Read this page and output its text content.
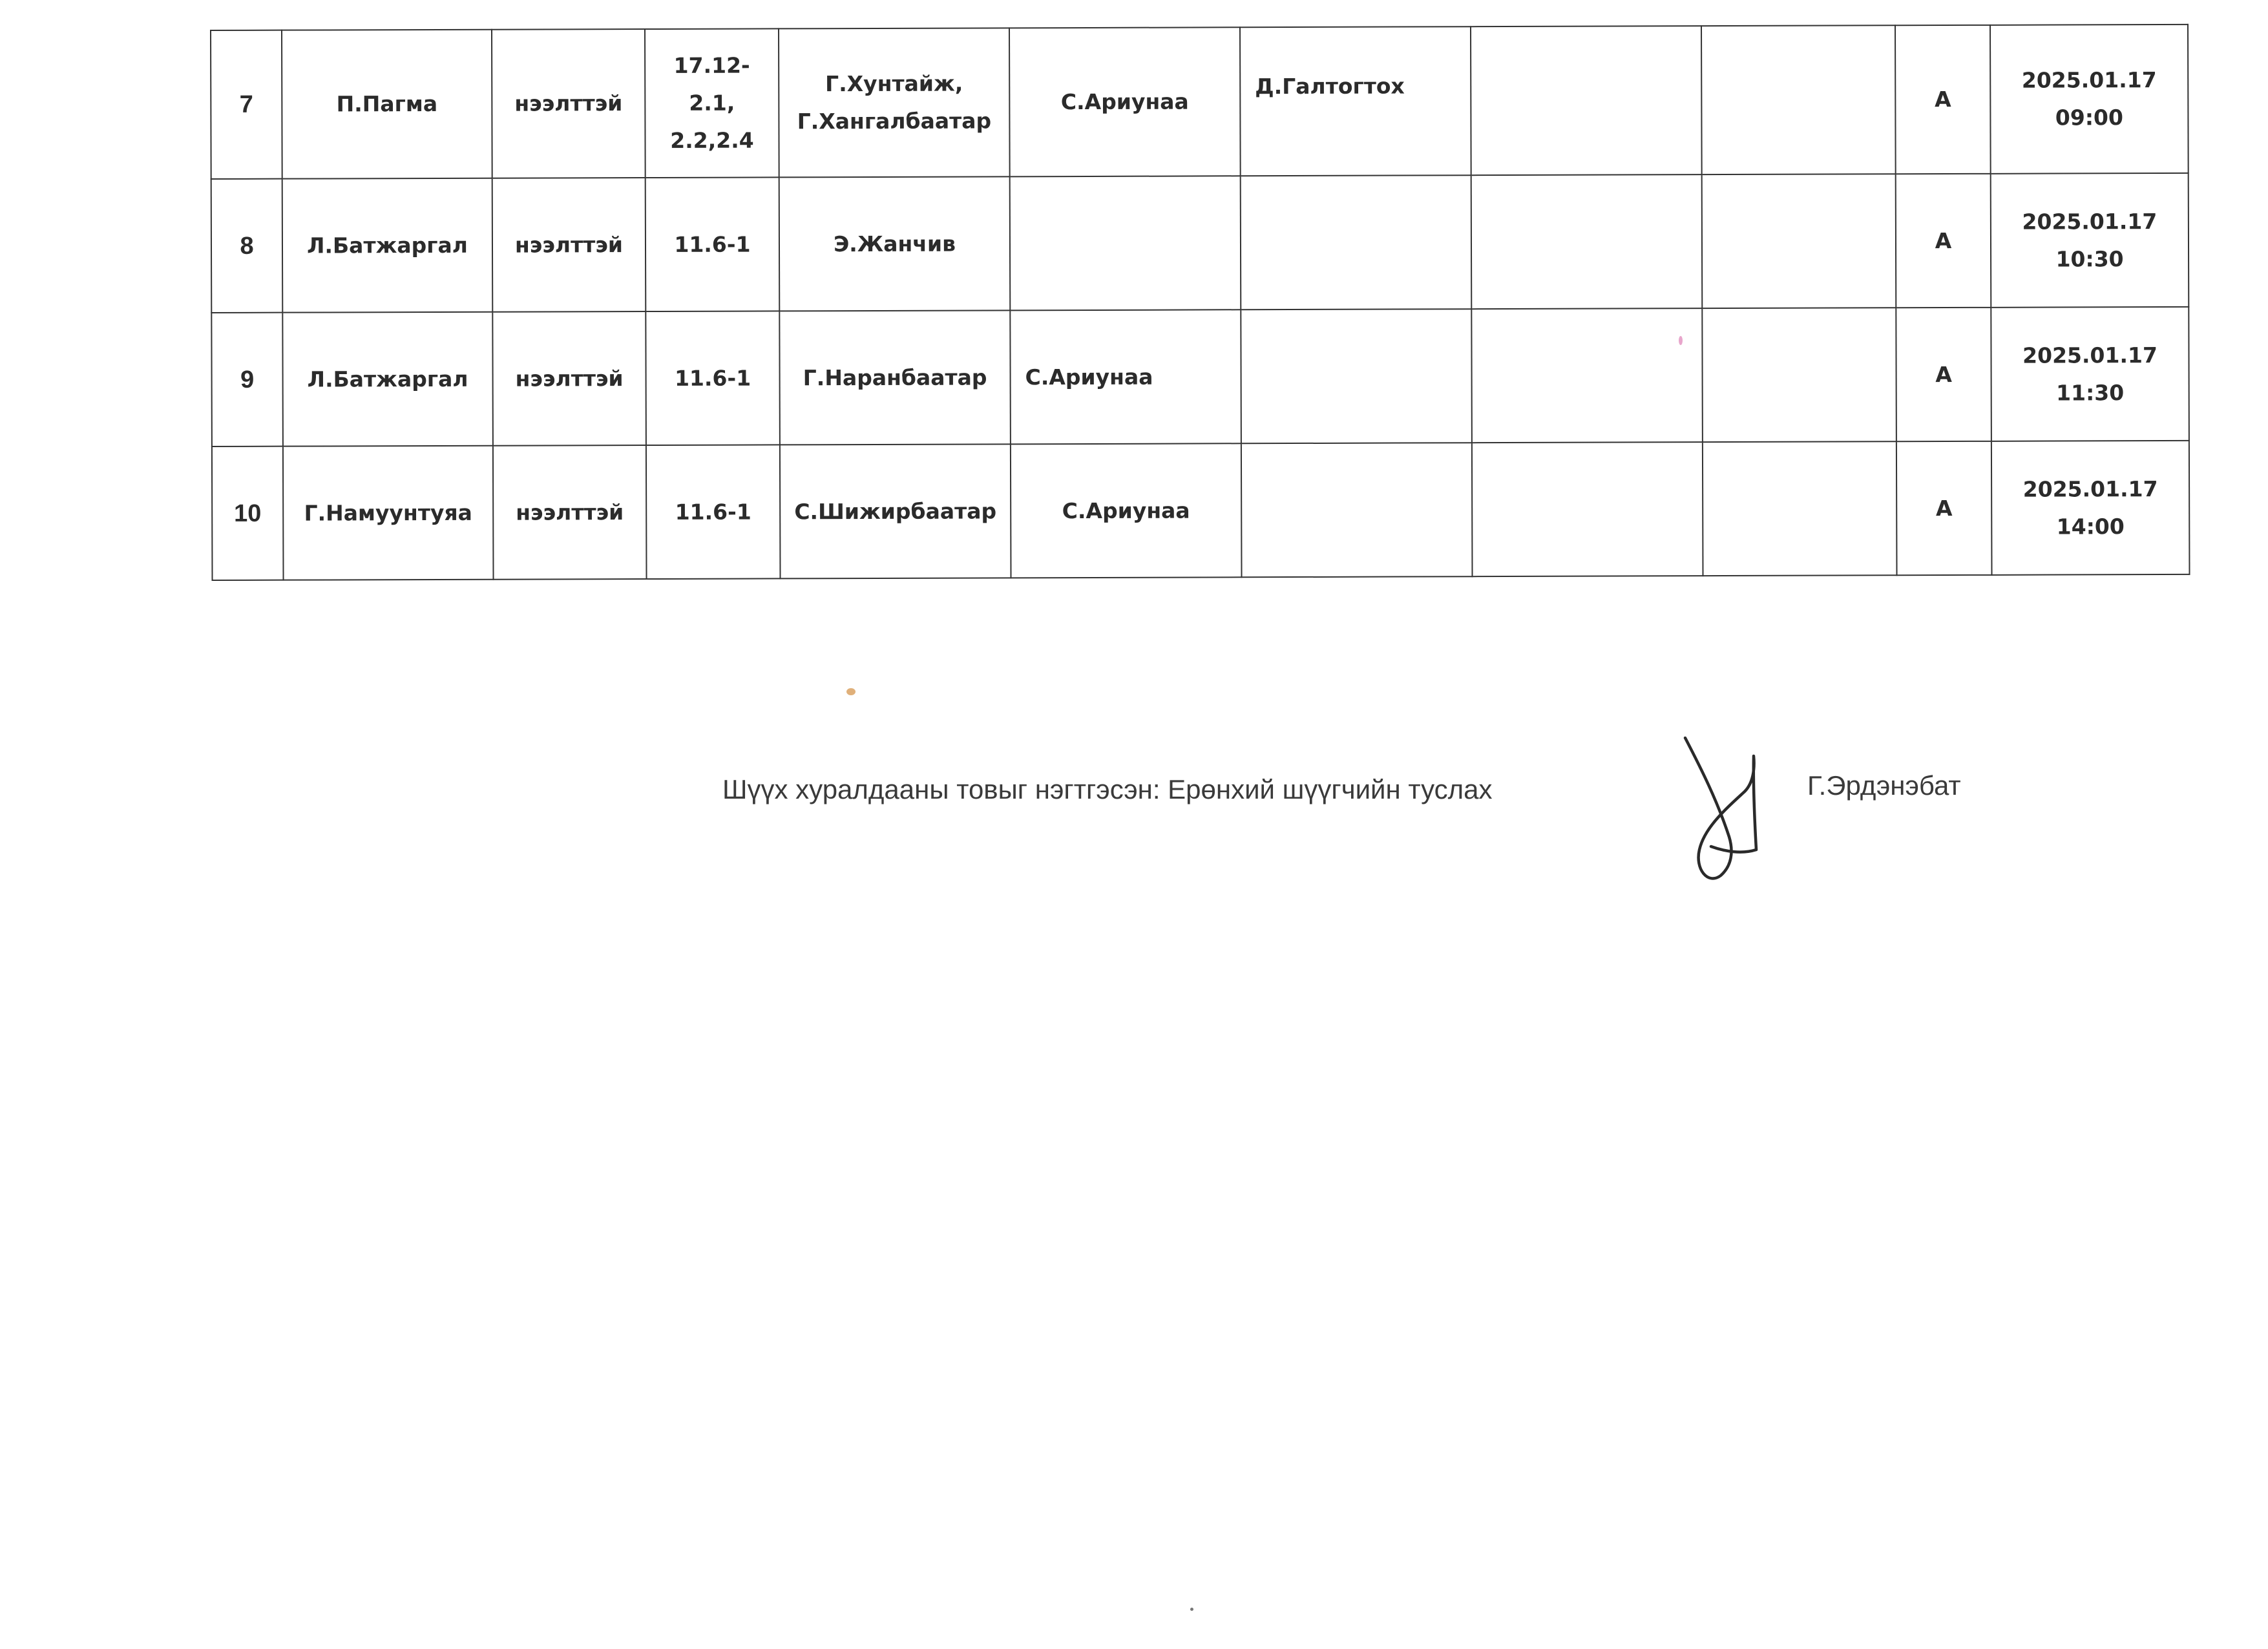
7	П.Пагма	нээлттэй	17.12-
2.1,
2.2,2.4	Г.Хунтайж,
Г.Хангалбаатар	С.Ариунаа	Д.Галтогтох			А	2025.01.17
09:00
8	Л.Батжаргал	нээлттэй	11.6-1	Э.Жанчив					А	2025.01.17
10:30
9	Л.Батжаргал	нээлттэй	11.6-1	Г.Наранбаатар	С.Ариунаа				А	2025.01.17
11:30
10	Г.Намуунтуяа	нээлттэй	11.6-1	С.Шижирбаатар	С.Ариунаа				А	2025.01.17
14:00
Шүүх хуралдааны товыг нэгтгэсэн: Ерөнхий шүүгчийн туслах	Г.Эрдэнэбат
